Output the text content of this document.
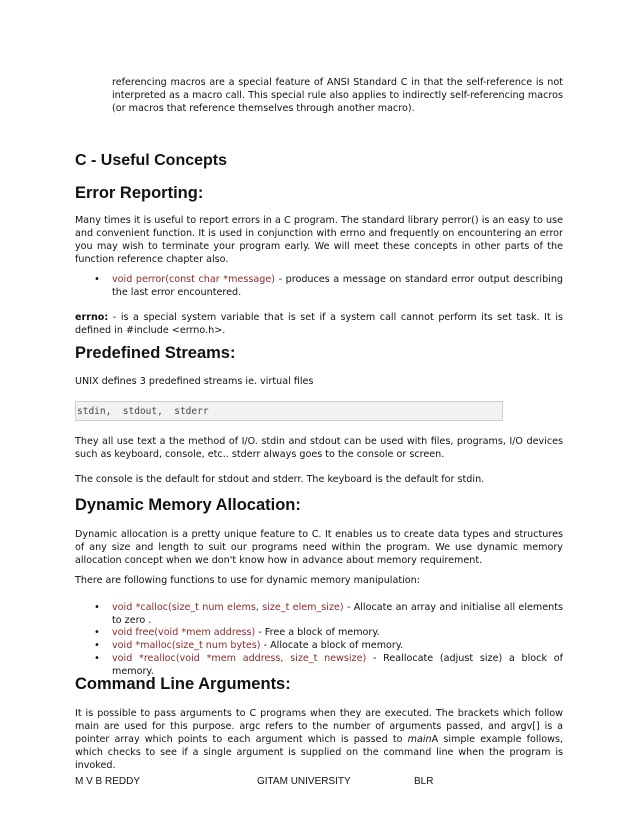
referencing macros are a special feature of ANSI Standard C in that the self-reference is not interpreted as a macro call. This special rule also applies to indirectly self-referencing macros (or macros that reference themselves through another macro).

C - Useful Concepts
Error Reporting:

Many times it is useful to report errors in a C program. The standard library perror() is an easy to use and convenient function. It is used in conjunction with errno and frequently on encountering an error you may wish to terminate your program early. We will meet these concepts in other parts of the function reference chapter also.

• void perror(const char *message) - produces a message on standard error output describing the last error encountered.

errno: - is a special system variable that is set if a system call cannot perform its set task. It is defined in #include <errno.h>.

Predefined Streams:

UNIX defines 3 predefined streams ie. virtual files

stdin,  stdout,  stderr

They all use text a the method of I/O. stdin and stdout can be used with files, programs, I/O devices such as keyboard, console, etc.. stderr always goes to the console or screen.

The console is the default for stdout and stderr. The keyboard is the default for stdin.

Dynamic Memory Allocation:

Dynamic allocation is a pretty unique feature to C. It enables us to create data types and structures of any size and length to suit our programs need within the program. We use dynamic memory allocation concept when we don't know how in advance about memory requirement.

There are following functions to use for dynamic memory manipulation:

• void *calloc(size_t num elems, size_t elem_size) - Allocate an array and initialise all elements to zero .

• void free(void *mem address) - Free a block of memory.

• void *malloc(size_t num bytes) - Allocate a block of memory.

• void *realloc(void *mem address, size_t newsize) - Reallocate (adjust size) a block of memory.

Command Line Arguments:

It is possible to pass arguments to C programs when they are executed. The brackets which follow main are used for this purpose. argc refers to the number of arguments passed, and argv[] is a pointer array which points to each argument which is passed to mainA simple example follows, which checks to see if a single argument is supplied on the command line when the program is invoked.

M V B REDDY	GITAM UNIVERSITY	BLR
